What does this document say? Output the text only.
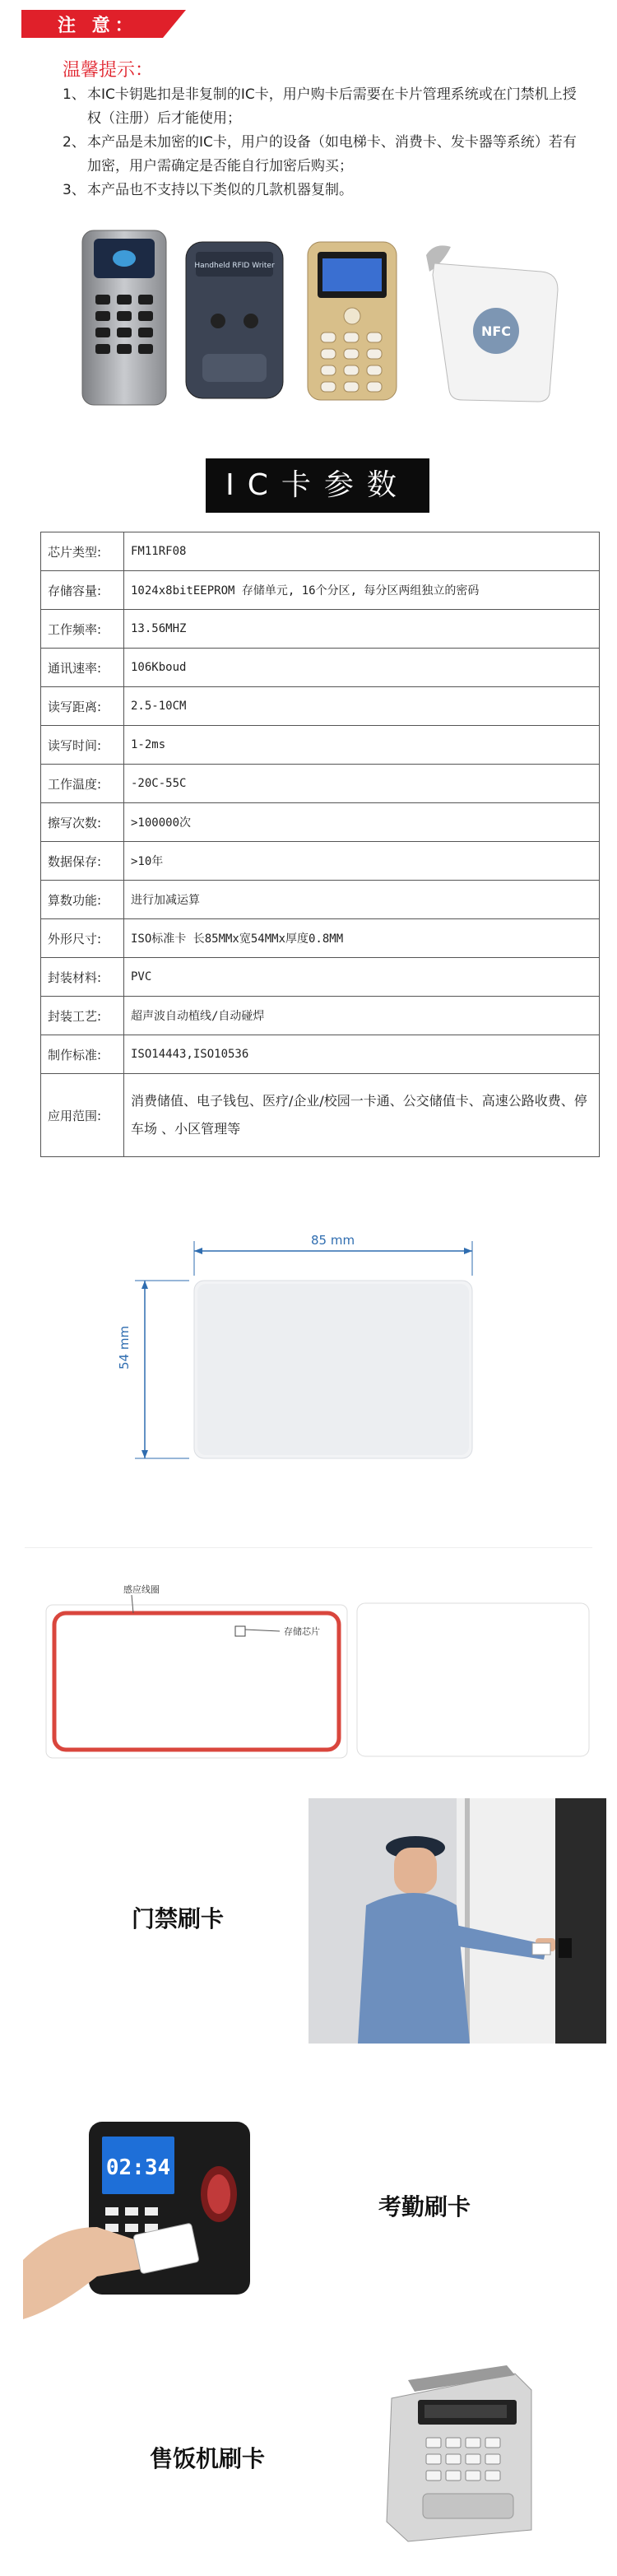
注 意：
温馨提示：
1、 本IC卡钥匙扣是非复制的IC卡，用户购卡后需要在卡片管理系统或在门禁机上授权（注册）后才能使用；
2、 本产品是未加密的IC卡，用户的设备（如电梯卡、消费卡、发卡器等系统）若有加密，用户需确定是否能自行加密后购买；
3、 本产品也不支持以下类似的几款机器复制。
Handheld RFID Writer
NFC
IC卡参数
芯片类型:	FM11RF08
存储容量:	1024x8bitEEPROM 存储单元, 16个分区, 每分区两组独立的密码
工作频率:	13.56MHZ
通讯速率:	106Kboud
读写距离:	2.5-10CM
读写时间:	1-2ms
工作温度:	-20C-55C
擦写次数:	>100000次
数据保存:	>10年
算数功能:	进行加减运算
外形尺寸:	ISO标准卡 长85MMx宽54MMx厚度0.8MM
封装材料:	PVC
封装工艺:	超声波自动植线/自动碰焊
制作标准:	ISO14443,ISO10536
应用范围:	消费储值、电子钱包、医疗/企业/校园一卡通、公交储值卡、高速公路收费、停车场 、小区管理等
85 mm
54 mm
感应线圈
存储芯片
门禁刷卡
02:34
考勤刷卡
售饭机刷卡
